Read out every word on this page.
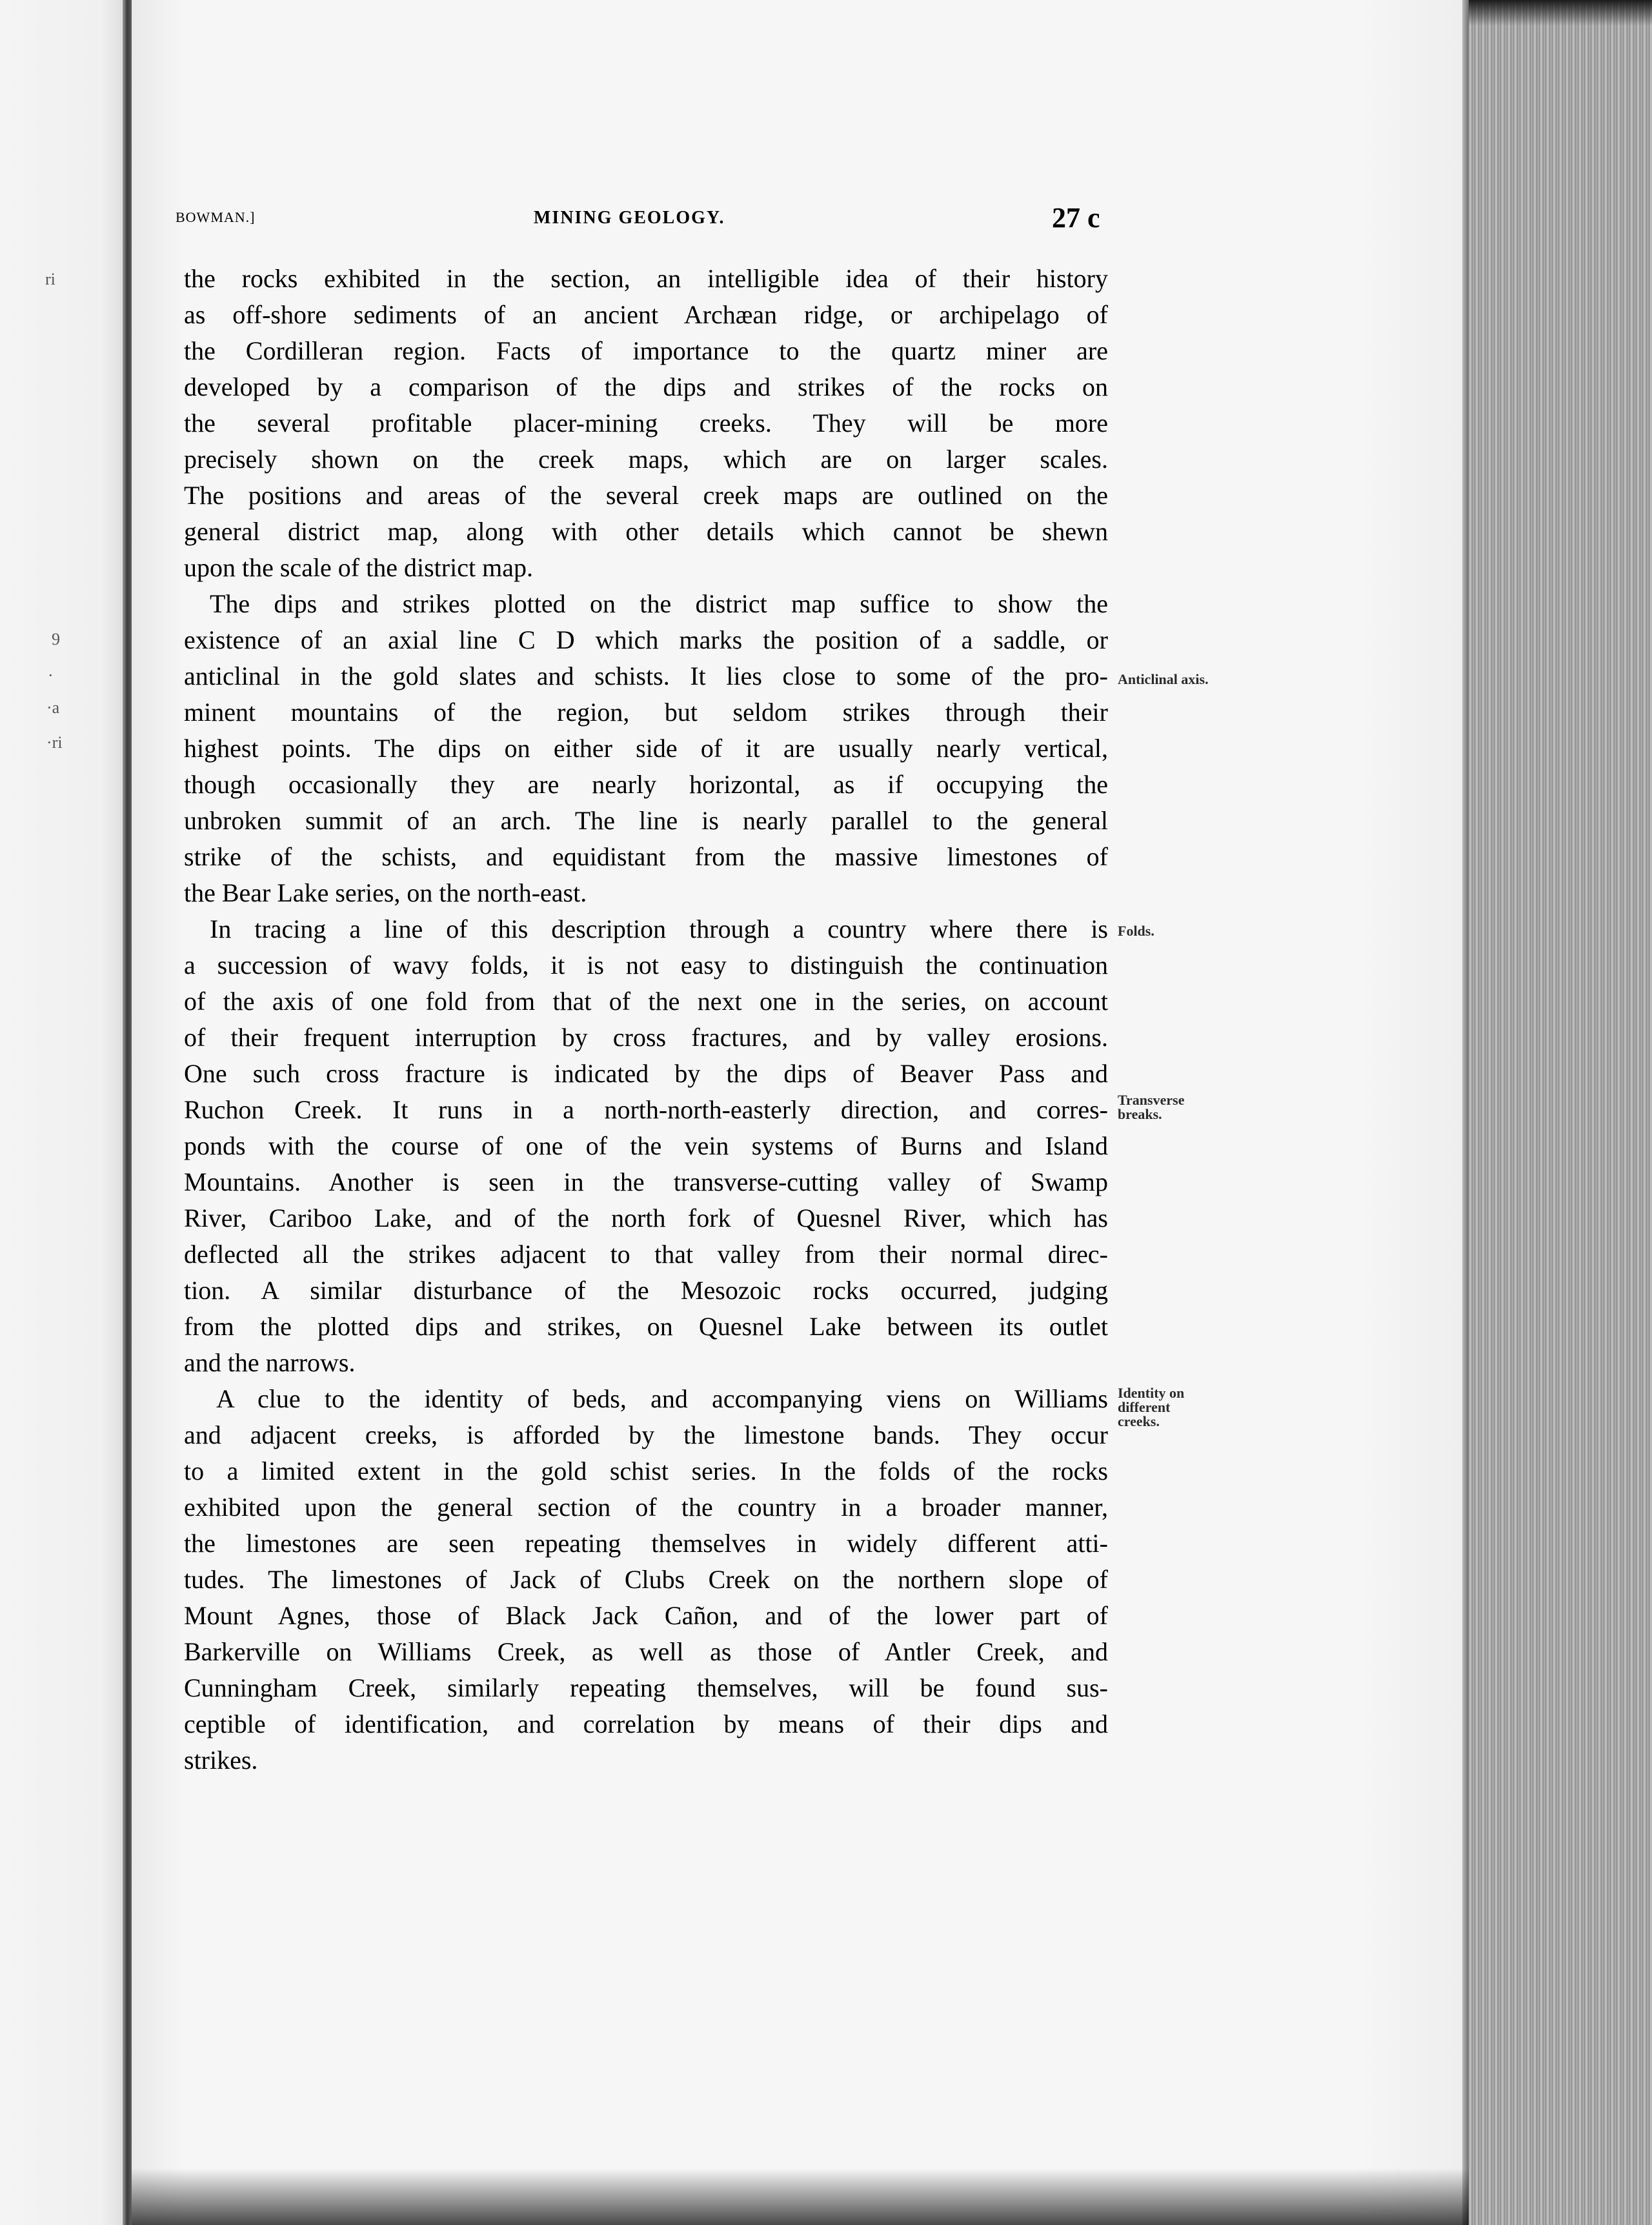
ri
9
·
·a
·ri
BOWMAN.]	MINING GEOLOGY.	27 c
the rocks exhibited in the section, an intelligible idea of their history
as off-shore sediments of an ancient Archæan ridge, or archipelago of
the Cordilleran region. Facts of importance to the quartz miner are
developed by a comparison of the dips and strikes of the rocks on
the several profitable placer-mining creeks. They will be more
precisely shown on the creek maps, which are on larger scales.
The positions and areas of the several creek maps are outlined on the
general district map, along with other details which cannot be shewn
upon the scale of the district map.
The dips and strikes plotted on the district map suffice to show the
existence of an axial line C D which marks the position of a saddle, or
anticlinal in the gold slates and schists. It lies close to some of the pro-
minent mountains of the region, but seldom strikes through their
highest points. The dips on either side of it are usually nearly vertical,
though occasionally they are nearly horizontal, as if occupying the
unbroken summit of an arch. The line is nearly parallel to the general
strike of the schists, and equidistant from the massive limestones of
the Bear Lake series, on the north-east.
In tracing a line of this description through a country where there is
a succession of wavy folds, it is not easy to distinguish the continuation
of the axis of one fold from that of the next one in the series, on account
of their frequent interruption by cross fractures, and by valley erosions.
One such cross fracture is indicated by the dips of Beaver Pass and
Ruchon Creek. It runs in a north-north-easterly direction, and corres-
ponds with the course of one of the vein systems of Burns and Island
Mountains. Another is seen in the transverse-cutting valley of Swamp
River, Cariboo Lake, and of the north fork of Quesnel River, which has
deflected all the strikes adjacent to that valley from their normal direc-
tion. A similar disturbance of the Mesozoic rocks occurred, judging
from the plotted dips and strikes, on Quesnel Lake between its outlet
and the narrows.
A clue to the identity of beds, and accompanying viens on Williams
and adjacent creeks, is afforded by the limestone bands. They occur
to a limited extent in the gold schist series. In the folds of the rocks
exhibited upon the general section of the country in a broader manner,
the limestones are seen repeating themselves in widely different atti-
tudes. The limestones of Jack of Clubs Creek on the northern slope of
Mount Agnes, those of Black Jack Cañon, and of the lower part of
Barkerville on Williams Creek, as well as those of Antler Creek, and
Cunningham Creek, similarly repeating themselves, will be found sus-
ceptible of identification, and correlation by means of their dips and
strikes.
Anticlinal axis.
Folds.
Transverse
breaks.
Identity on
different
creeks.
